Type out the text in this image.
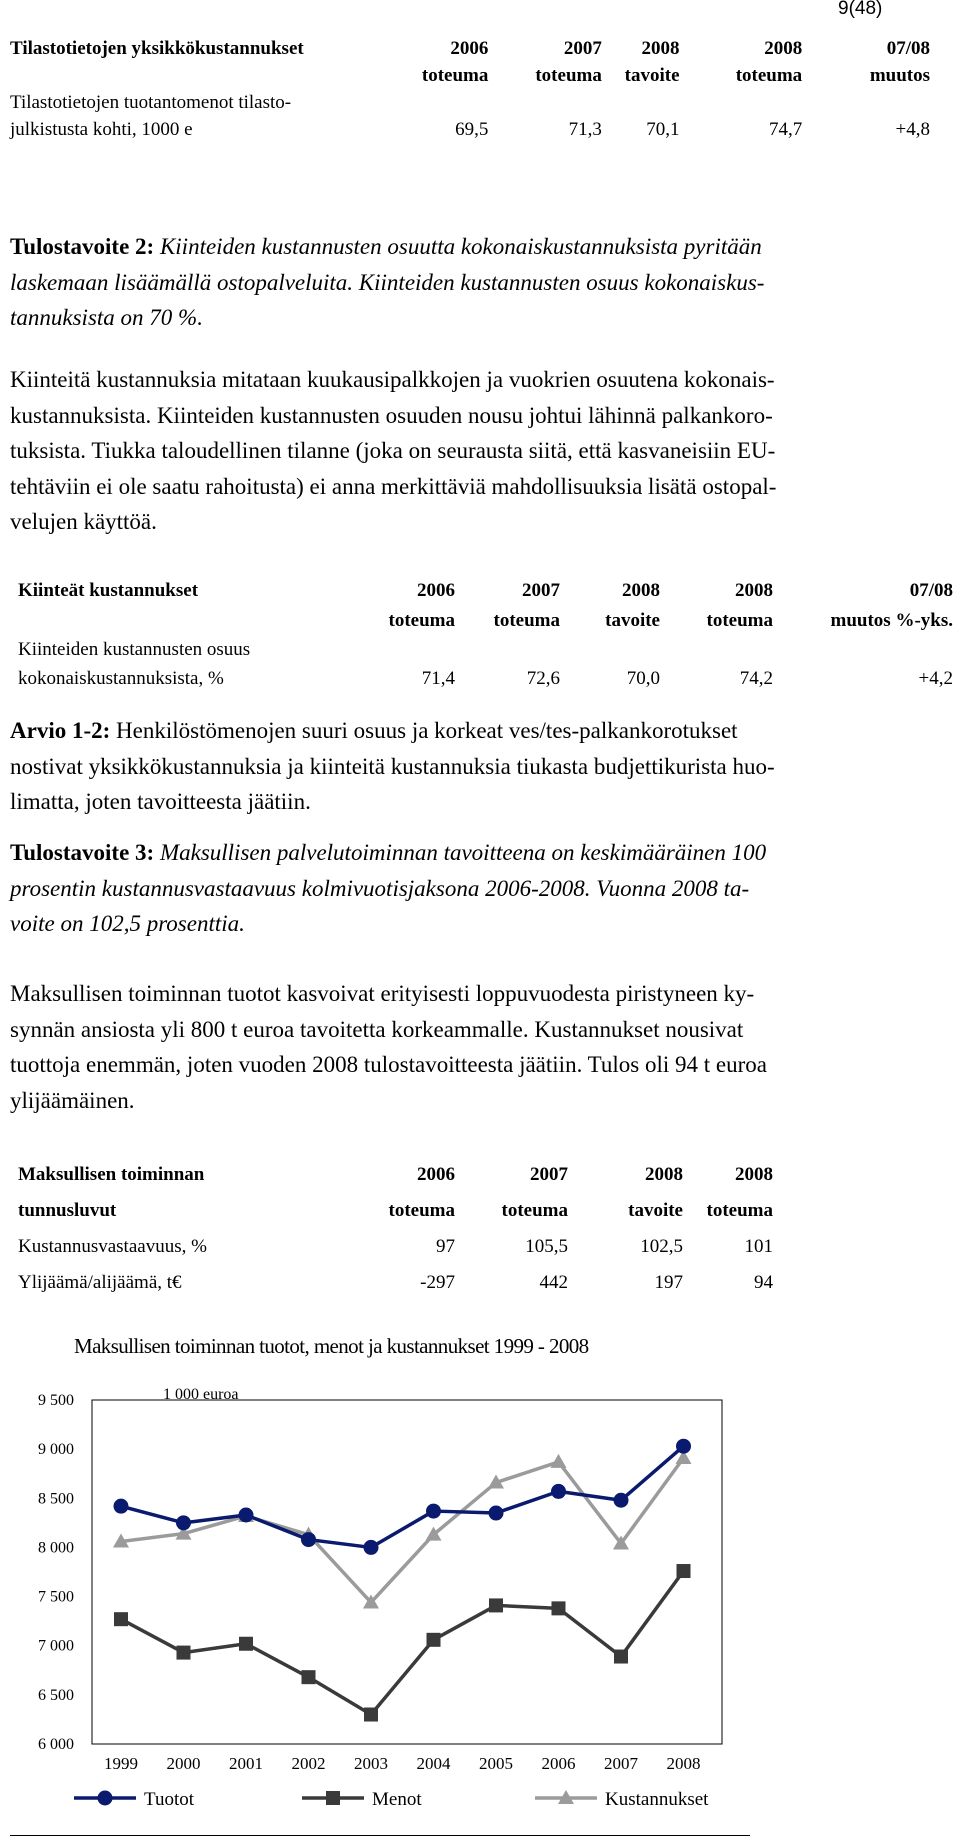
9(48)
Tilastotietojen yksikkökustannukset	2006	2007	2008	2008	07/08
	toteuma	toteuma	tavoite	toteuma	muutos
Tilastotietojen tuotantomenot tilasto-					
julkistusta kohti, 1000 e	69,5	71,3	70,1	74,7	+4,8

Tulostavoite 2: Kiinteiden kustannusten osuutta kokonaiskustannuksista pyritään

laskemaan lisäämällä ostopalveluita. Kiinteiden kustannusten osuus kokonaiskus-

tannuksista on 70 %.

Kiinteitä kustannuksia mitataan kuukausipalkkojen ja vuokrien osuutena kokonais-

kustannuksista. Kiinteiden kustannusten osuuden nousu johtui lähinnä palkankoro-

tuksista. Tiukka taloudellinen tilanne (joka on seurausta siitä, että kasvaneisiin EU-

tehtäviin ei ole saatu rahoitusta) ei anna merkittäviä mahdollisuuksia lisätä ostopal-

velujen käyttöä.

Kiinteät kustannukset	2006	2007	2008	2008	07/08
	toteuma	toteuma	tavoite	toteuma	muutos %-yks.
Kiinteiden kustannusten osuus					
kokonaiskustannuksista, %	71,4	72,6	70,0	74,2	+4,2

Arvio 1-2: Henkilöstömenojen suuri osuus ja korkeat ves/tes-palkankorotukset

nostivat yksikkökustannuksia ja kiinteitä kustannuksia tiukasta budjettikurista huo-

limatta, joten tavoitteesta jäätiin.

Tulostavoite 3: Maksullisen palvelutoiminnan tavoitteena on keskimääräinen 100

prosentin kustannusvastaavuus kolmivuotisjaksona 2006-2008. Vuonna 2008 ta-

voite on 102,5 prosenttia.

Maksullisen toiminnan tuotot kasvoivat erityisesti loppuvuodesta piristyneen ky-

synnän ansiosta yli 800 t euroa tavoitetta korkeammalle. Kustannukset nousivat

tuottoja enemmän, joten vuoden 2008 tulostavoitteesta jäätiin. Tulos oli 94 t euroa

ylijäämäinen.

Maksullisen toiminnan	2006	2007	2008	2008
tunnusluvut	toteuma	toteuma	tavoite	toteuma
Kustannusvastaavuus, %	97	105,5	102,5	101
Ylijäämä/alijäämä, t€	-297	442	197	94
Maksullisen toiminnan tuotot, menot ja kustannukset 1999 - 2008
1 000 euroa
6 000
6 500
7 000
7 500
8 000
8 500
9 000
9 500
1999 2000 2001 2002 2003 2004 2005 2006 2007 2008
Tuotot	Menot	Kustannukset
